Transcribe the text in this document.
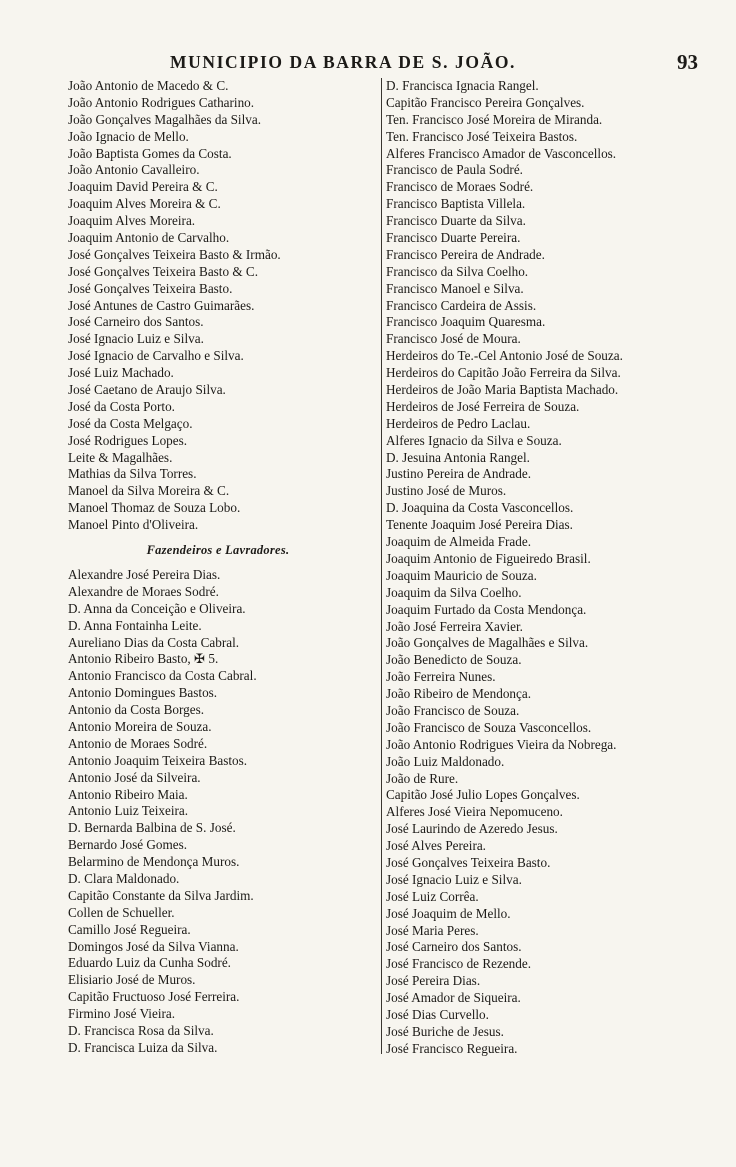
MUNICIPIO DA BARRA DE S. JOÃO.	93
João Antonio de Macedo & C.
João Antonio Rodrigues Catharino.
João Gonçalves Magalhães da Silva.
João Ignacio de Mello.
João Baptista Gomes da Costa.
João Antonio Cavalleiro.
Joaquim David Pereira & C.
Joaquim Alves Moreira & C.
Joaquim Alves Moreira.
Joaquim Antonio de Carvalho.
José Gonçalves Teixeira Basto & Irmão.
José Gonçalves Teixeira Basto & C.
José Gonçalves Teixeira Basto.
José Antunes de Castro Guimarães.
José Carneiro dos Santos.
José Ignacio Luiz e Silva.
José Ignacio de Carvalho e Silva.
José Luiz Machado.
José Caetano de Araujo Silva.
José da Costa Porto.
José da Costa Melgaço.
José Rodrigues Lopes.
Leite & Magalhães.
Mathias da Silva Torres.
Manoel da Silva Moreira & C.
Manoel Thomaz de Souza Lobo.
Manoel Pinto d'Oliveira.
Fazendeiros e Lavradores.
Alexandre José Pereira Dias.
Alexandre de Moraes Sodré.
D. Anna da Conceição e Oliveira.
D. Anna Fontainha Leite.
Aureliano Dias da Costa Cabral.
Antonio Ribeiro Basto, ✠ 5.
Antonio Francisco da Costa Cabral.
Antonio Domingues Bastos.
Antonio da Costa Borges.
Antonio Moreira de Souza.
Antonio de Moraes Sodré.
Antonio Joaquim Teixeira Bastos.
Antonio José da Silveira.
Antonio Ribeiro Maia.
Antonio Luiz Teixeira.
D. Bernarda Balbina de S. José.
Bernardo José Gomes.
Belarmino de Mendonça Muros.
D. Clara Maldonado.
Capitão Constante da Silva Jardim.
Collen de Schueller.
Camillo José Regueira.
Domingos José da Silva Vianna.
Eduardo Luiz da Cunha Sodré.
Elisiario José de Muros.
Capitão Fructuoso José Ferreira.
Firmino José Vieira.
D. Francisca Rosa da Silva.
D. Francisca Luiza da Silva.
D. Francisca Ignacia Rangel.
Capitão Francisco Pereira Gonçalves.
Ten. Francisco José Moreira de Miranda.
Ten. Francisco José Teixeira Bastos.
Alferes Francisco Amador de Vasconcellos.
Francisco de Paula Sodré.
Francisco de Moraes Sodré.
Francisco Baptista Villela.
Francisco Duarte da Silva.
Francisco Duarte Pereira.
Francisco Pereira de Andrade.
Francisco da Silva Coelho.
Francisco Manoel e Silva.
Francisco Cardeira de Assis.
Francisco Joaquim Quaresma.
Francisco José de Moura.
Herdeiros do Te.-Cel Antonio José de Souza.
Herdeiros do Capitão João Ferreira da Silva.
Herdeiros de João Maria Baptista Machado.
Herdeiros de José Ferreira de Souza.
Herdeiros de Pedro Laclau.
Alferes Ignacio da Silva e Souza.
D. Jesuina Antonia Rangel.
Justino Pereira de Andrade.
Justino José de Muros.
D. Joaquina da Costa Vasconcellos.
Tenente Joaquim José Pereira Dias.
Joaquim de Almeida Frade.
Joaquim Antonio de Figueiredo Brasil.
Joaquim Mauricio de Souza.
Joaquim da Silva Coelho.
Joaquim Furtado da Costa Mendonça.
João José Ferreira Xavier.
João Gonçalves de Magalhães e Silva.
João Benedicto de Souza.
João Ferreira Nunes.
João Ribeiro de Mendonça.
João Francisco de Souza.
João Francisco de Souza Vasconcellos.
João Antonio Rodrigues Vieira da Nobrega.
João Luiz Maldonado.
João de Rure.
Capitão José Julio Lopes Gonçalves.
Alferes José Vieira Nepomuceno.
José Laurindo de Azeredo Jesus.
José Alves Pereira.
José Gonçalves Teixeira Basto.
José Ignacio Luiz e Silva.
José Luiz Corrêa.
José Joaquim de Mello.
José Maria Peres.
José Carneiro dos Santos.
José Francisco de Rezende.
José Pereira Dias.
José Amador de Siqueira.
José Dias Curvello.
José Buriche de Jesus.
José Francisco Regueira.
